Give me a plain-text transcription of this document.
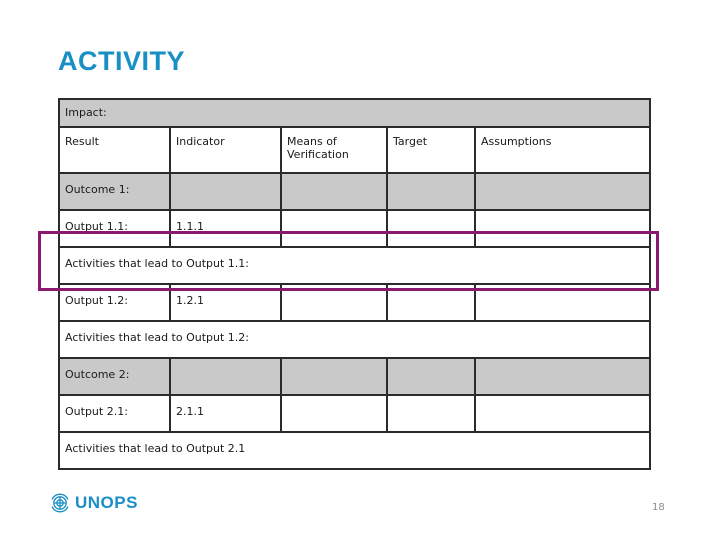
ACTIVITY
Impact:				
Result	Indicator	Means of Verification	Target	Assumptions
Outcome 1:				
Output 1.1:	1.1.1			
Activities that lead to Output 1.1:				
Output 1.2:	1.2.1			
Activities that lead to Output 1.2:				
Outcome 2:				
Output 2.1:	2.1.1			
Activities that lead to Output 2.1				
UNOPS	18
